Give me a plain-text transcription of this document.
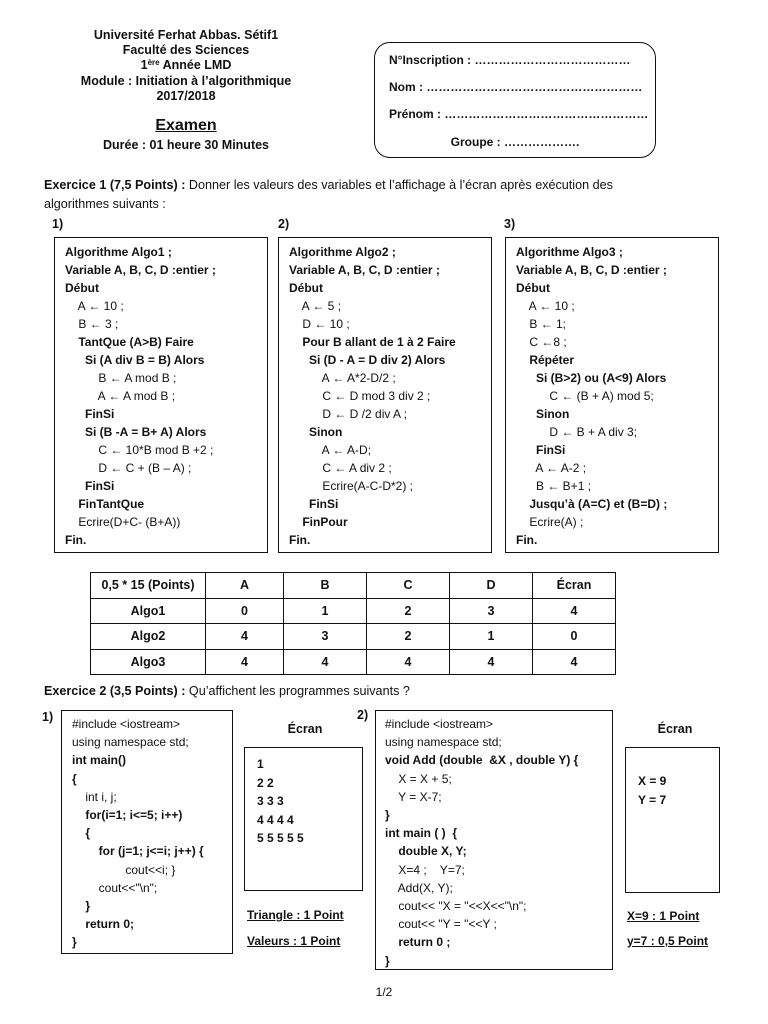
Université Ferhat Abbas. Sétif1
Faculté des Sciences
1ère Année LMD
Module : Initiation à l’algorithmique
2017/2018
Examen
Durée : 01 heure 30 Minutes
N°Inscription : …………………………………
Nom : ………………………………………………
Prénom : ……………………………………………
Groupe : ……………….
Exercice 1 (7,5 Points) : Donner les valeurs des variables et l’affichage à l’écran après exécution des
algorithmes suivants :
1)	2)	3)
Algorithme Algo1 ;
Variable A, B, C, D :entier ;
Début
A ← 10 ;
B ← 3 ;
TantQue (A>B) Faire
Si (A div B = B) Alors
B ← A mod B ;
A ← A mod B ;
FinSi
Si (B -A = B+ A) Alors
C ← 10*B mod B +2 ;
D ← C + (B – A) ;
FinSi
FinTantQue
Ecrire(D+C- (B+A))
Fin.
Algorithme Algo2 ;
Variable A, B, C, D :entier ;
Début
A ← 5 ;
D ← 10 ;
Pour B allant de 1 à 2 Faire
Si (D - A = D div 2) Alors
A ← A*2-D/2 ;
C ← D mod 3 div 2 ;
D ← D /2 div A ;
Sinon
A ← A-D;
C ← A div 2 ;
Ecrire(A-C-D*2) ;
FinSi
FinPour
Fin.
Algorithme Algo3 ;
Variable A, B, C, D :entier ;
Début
A ← 10 ;
B ← 1;
C ←8 ;
Répéter
Si (B>2) ou (A<9) Alors
C ← (B + A) mod 5;
Sinon
D ← B + A div 3;
FinSi
A ← A-2 ;
B ← B+1 ;
Jusqu’à (A=C) et (B=D) ;
Ecrire(A) ;
Fin.
0,5 * 15 (Points)	A	B	C	D	Écran
Algo1	0	1	2	3	4
Algo2	4	3	2	1	0
Algo3	4	4	4	4	4
Exercice 2 (3,5 Points) : Qu’affichent les programmes suivants ?
1)	2)
#include <iostream>
using namespace std;
int main()
{
int i, j;
for(i=1; i<=5; i++)
{
for (j=1; j<=i; j++) {
cout<<i; }
cout<<"\n";
}
return 0;
}
#include <iostream>
using namespace std;
void Add (double  &X , double Y) {
X = X + 5;
Y = X-7;
}
int main ( )  {
double X, Y;
X=4 ;    Y=7;
Add(X, Y);
cout<< "X = "<<X<<"\n";
cout<< "Y = "<<Y ;
return 0 ;
}
Écran	Écran
1
2 2
3 3 3
4 4 4 4
5 5 5 5 5
X = 9
Y = 7
Triangle : 1 Point
Valeurs : 1 Point
X=9 : 1 Point
y=7 : 0,5 Point
1/2
